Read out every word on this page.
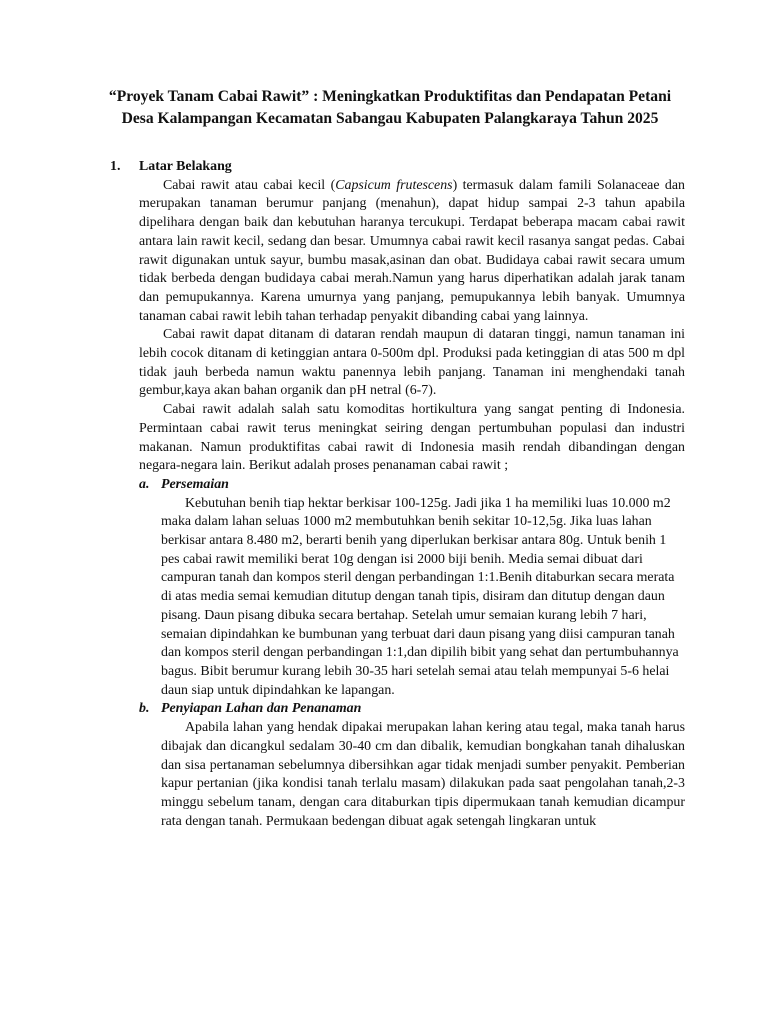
“Proyek Tanam Cabai Rawit” : Meningkatkan Produktifitas dan Pendapatan Petani Desa Kalampangan Kecamatan Sabangau Kabupaten Palangkaraya Tahun 2025
1. Latar Belakang
Cabai rawit atau cabai kecil (Capsicum frutescens) termasuk dalam famili Solanaceae dan merupakan tanaman berumur panjang (menahun), dapat hidup sampai 2-3 tahun apabila dipelihara dengan baik dan kebutuhan haranya tercukupi. Terdapat beberapa macam cabai rawit antara lain rawit kecil, sedang dan besar. Umumnya cabai rawit kecil rasanya sangat pedas. Cabai rawit digunakan untuk sayur, bumbu masak,asinan dan obat. Budidaya cabai rawit secara umum tidak berbeda dengan budidaya cabai merah.Namun yang harus diperhatikan adalah jarak tanam dan pemupukannya. Karena umurnya yang panjang, pemupukannya lebih banyak. Umumnya tanaman cabai rawit lebih tahan terhadap penyakit dibanding cabai yang lainnya.
Cabai rawit dapat ditanam di dataran rendah maupun di dataran tinggi, namun tanaman ini lebih cocok ditanam di ketinggian antara 0-500m dpl. Produksi pada ketinggian di atas 500 m dpl tidak jauh berbeda namun waktu panennya lebih panjang. Tanaman ini menghendaki tanah gembur,kaya akan bahan organik dan pH netral (6-7).
Cabai rawit adalah salah satu komoditas hortikultura yang sangat penting di Indonesia. Permintaan cabai rawit terus meningkat seiring dengan pertumbuhan populasi dan industri makanan. Namun produktifitas cabai rawit di Indonesia masih rendah dibandingan dengan negara-negara lain. Berikut adalah proses penanaman cabai rawit ;
a. Persemaian
Kebutuhan benih tiap hektar berkisar 100-125g. Jadi jika 1 ha memiliki luas 10.000 m2 maka dalam lahan seluas 1000 m2 membutuhkan benih sekitar 10-12,5g. Jika luas lahan berkisar antara 8.480 m2, berarti benih yang diperlukan berkisar antara 80g. Untuk benih 1 pes cabai rawit memiliki berat 10g dengan isi 2000 biji benih. Media semai dibuat dari campuran tanah dan kompos steril dengan perbandingan 1:1.Benih ditaburkan secara merata di atas media semai kemudian ditutup dengan tanah tipis, disiram dan ditutup dengan daun pisang. Daun pisang dibuka secara bertahap. Setelah umur semaian kurang lebih 7 hari, semaian dipindahkan ke bumbunan yang terbuat dari daun pisang yang diisi campuran tanah dan kompos steril dengan perbandingan 1:1,dan dipilih bibit yang sehat dan pertumbuhannya bagus. Bibit berumur kurang lebih 30-35 hari setelah semai atau telah mempunyai 5-6 helai daun siap untuk dipindahkan ke lapangan.
b. Penyiapan Lahan dan Penanaman
Apabila lahan yang hendak dipakai merupakan lahan kering atau tegal, maka tanah harus dibajak dan dicangkul sedalam 30-40 cm dan dibalik, kemudian bongkahan tanah dihaluskan dan sisa pertanaman sebelumnya dibersihkan agar tidak menjadi sumber penyakit. Pemberian kapur pertanian (jika kondisi tanah terlalu masam) dilakukan pada saat pengolahan tanah,2-3 minggu sebelum tanam, dengan cara ditaburkan tipis dipermukaan tanah kemudian dicampur rata dengan tanah. Permukaan bedengan dibuat agak setengah lingkaran untuk
